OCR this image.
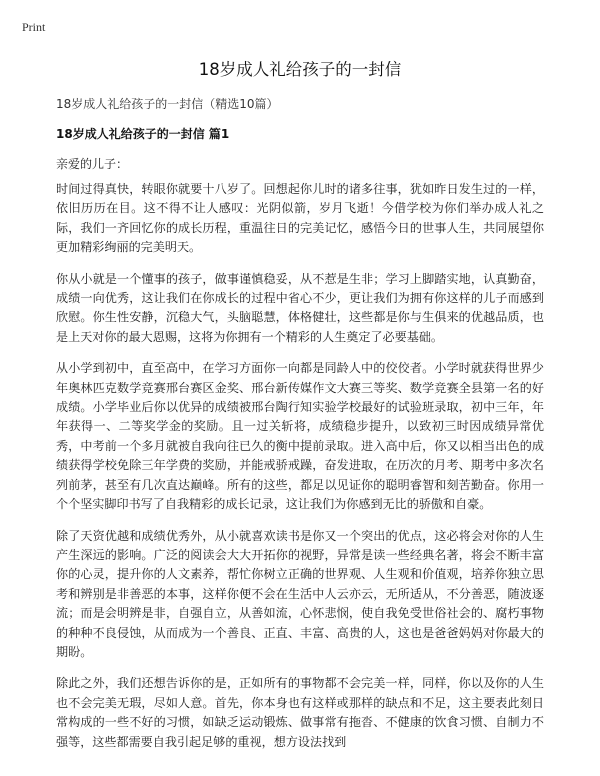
Print
18岁成人礼给孩子的一封信
18岁成人礼给孩子的一封信（精选10篇）
18岁成人礼给孩子的一封信 篇1
亲爱的儿子：

时间过得真快，转眼你就要十八岁了。回想起你儿时的诸多往事，犹如昨日发生过的一样，依旧历历在目。这不得不让人感叹：光阴似箭，岁月飞逝！今借学校为你们举办成人礼之际，我们一齐回忆你的成长历程，重温往日的完美记忆，感悟今日的世事人生，共同展望你更加精彩绚丽的完美明天。

你从小就是一个懂事的孩子，做事谨慎稳妥，从不惹是生非；学习上脚踏实地，认真勤奋，成绩一向优秀，这让我们在你成长的过程中省心不少，更让我们为拥有你这样的儿子而感到欣慰。你生性安静，沉稳大气，头脑聪慧，体格健壮，这些都是你与生俱来的优越品质，也是上天对你的最大恩赐，这将为你拥有一个精彩的人生奠定了必要基础。

从小学到初中，直至高中，在学习方面你一向都是同龄人中的佼佼者。小学时就获得世界少年奥林匹克数学竞赛邢台赛区金奖、邢台新传媒作文大赛三等奖、数学竞赛全县第一名的好成绩。小学毕业后你以优异的成绩被邢台陶行知实验学校最好的试验班录取，初中三年，年年获得一、二等奖学金的奖励。且一过关斩将，成绩稳步提升，以致初三时因成绩异常优秀，中考前一个多月就被自我向往已久的衡中提前录取。进入高中后，你又以相当出色的成绩获得学校免除三年学费的奖励，并能戒骄戒躁，奋发进取，在历次的月考、期考中多次名列前茅，甚至有几次直达巅峰。所有的这些，都足以见证你的聪明睿智和刻苦勤奋。你用一个个坚实脚印书写了自我精彩的成长记录，这让我们为你感到无比的骄傲和自豪。

除了天资优越和成绩优秀外，从小就喜欢读书是你又一个突出的优点，这必将会对你的人生产生深远的影响。广泛的阅读会大大开拓你的视野，异常是读一些经典名著，将会不断丰富你的心灵，提升你的人文素养，帮忙你树立正确的世界观、人生观和价值观，培养你独立思考和辨别是非善恶的本事，这样你便不会在生活中人云亦云，无所适从，不分善恶，随波逐流；而是会明辨是非，自强自立，从善如流，心怀悲悯，使自我免受世俗社会的、腐朽事物的种种不良侵蚀，从而成为一个善良、正直、丰富、高贵的人，这也是爸爸妈妈对你最大的期盼。

除此之外，我们还想告诉你的是，正如所有的事物都不会完美一样，同样，你以及你的人生也不会完美无瑕，尽如人意。首先，你本身也有这样或那样的缺点和不足，这主要表此刻日常构成的一些不好的习惯，如缺乏运动锻炼、做事常有拖沓、不健康的饮食习惯、自制力不强等，这些都需要自我引起足够的重视，想方设法找到
